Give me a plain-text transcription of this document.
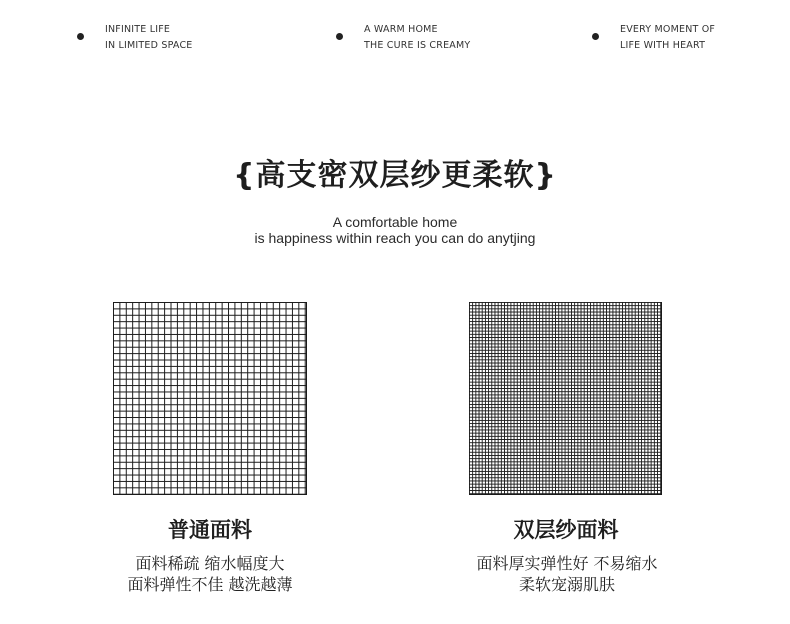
INFINITE LIFE
IN LIMITED SPACE
A WARM HOME
THE CURE IS CREAMY
EVERY MOMENT OF
LIFE WITH HEART
{高支密双层纱更柔软}
A comfortable home
is happiness within reach you can do anytjing
普通面料	双层纱面料
面料稀疏 缩水幅度大
面料弹性不佳 越洗越薄
面料厚实弹性好 不易缩水
柔软宠溺肌肤
